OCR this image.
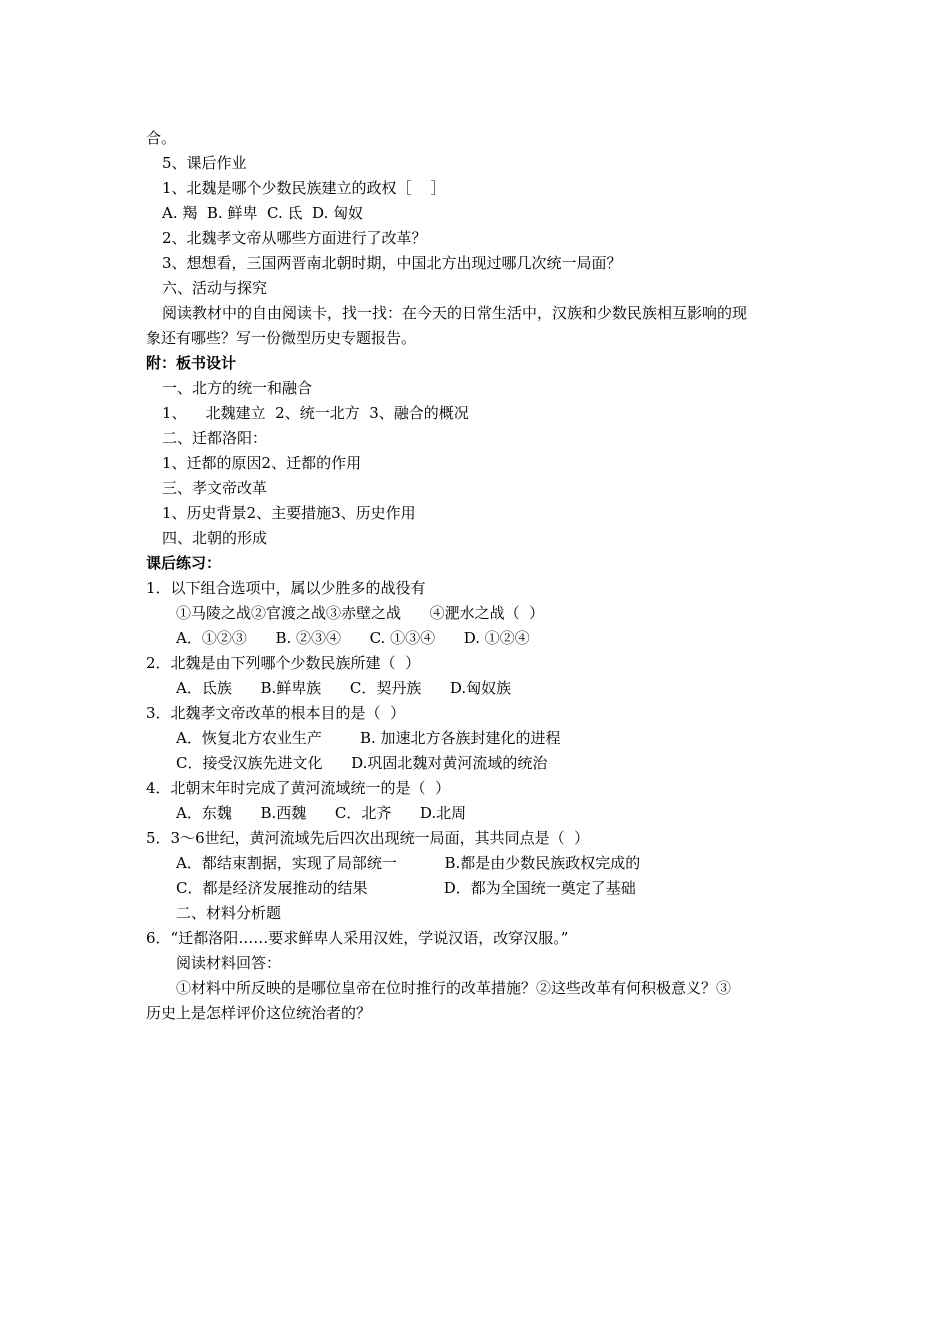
合。
5、课后作业
1、北魏是哪个少数民族建立的政权［    ］
A. 羯  B. 鲜卑  C. 氐  D. 匈奴
2、北魏孝文帝从哪些方面进行了改革？
3、想想看，三国两晋南北朝时期，中国北方出现过哪几次统一局面？
六、活动与探究
阅读教材中的自由阅读卡，找一找：在今天的日常生活中，汉族和少数民族相互影响的现
象还有哪些？写一份微型历史专题报告。
附：板书设计
一、北方的统一和融合
1、    北魏建立  2、统一北方  3、融合的概况
二、迁都洛阳：
1、迁都的原因2、迁都的作用
三、孝文帝改革
1、历史背景2、主要措施3、历史作用
四、北朝的形成
课后练习：
1．以下组合选项中，属以少胜多的战役有
①马陵之战②官渡之战③赤壁之战      ④淝水之战（  ）
A．①②③      B. ②③④      C. ①③④      D. ①②④
2．北魏是由下列哪个少数民族所建（  ）
A．氐族      B.鲜卑族      C．契丹族      D.匈奴族
3．北魏孝文帝改革的根本目的是（  ）
A．恢复北方农业生产        B. 加速北方各族封建化的进程
C．接受汉族先进文化      D.巩固北魏对黄河流域的统治
4．北朝末年时完成了黄河流域统一的是（  ）
A．东魏      B.西魏      C．北齐      D.北周
5．3～6世纪，黄河流域先后四次出现统一局面，其共同点是（  ）
A．都结束割据，实现了局部统一          B.都是由少数民族政权完成的
C．都是经济发展推动的结果                D．都为全国统一奠定了基础
二、材料分析题
6．“迁都洛阳……要求鲜卑人采用汉姓，学说汉语，改穿汉服。”
阅读材料回答：
①材料中所反映的是哪位皇帝在位时推行的改革措施？②这些改革有何积极意义？③
历史上是怎样评价这位统治者的？
